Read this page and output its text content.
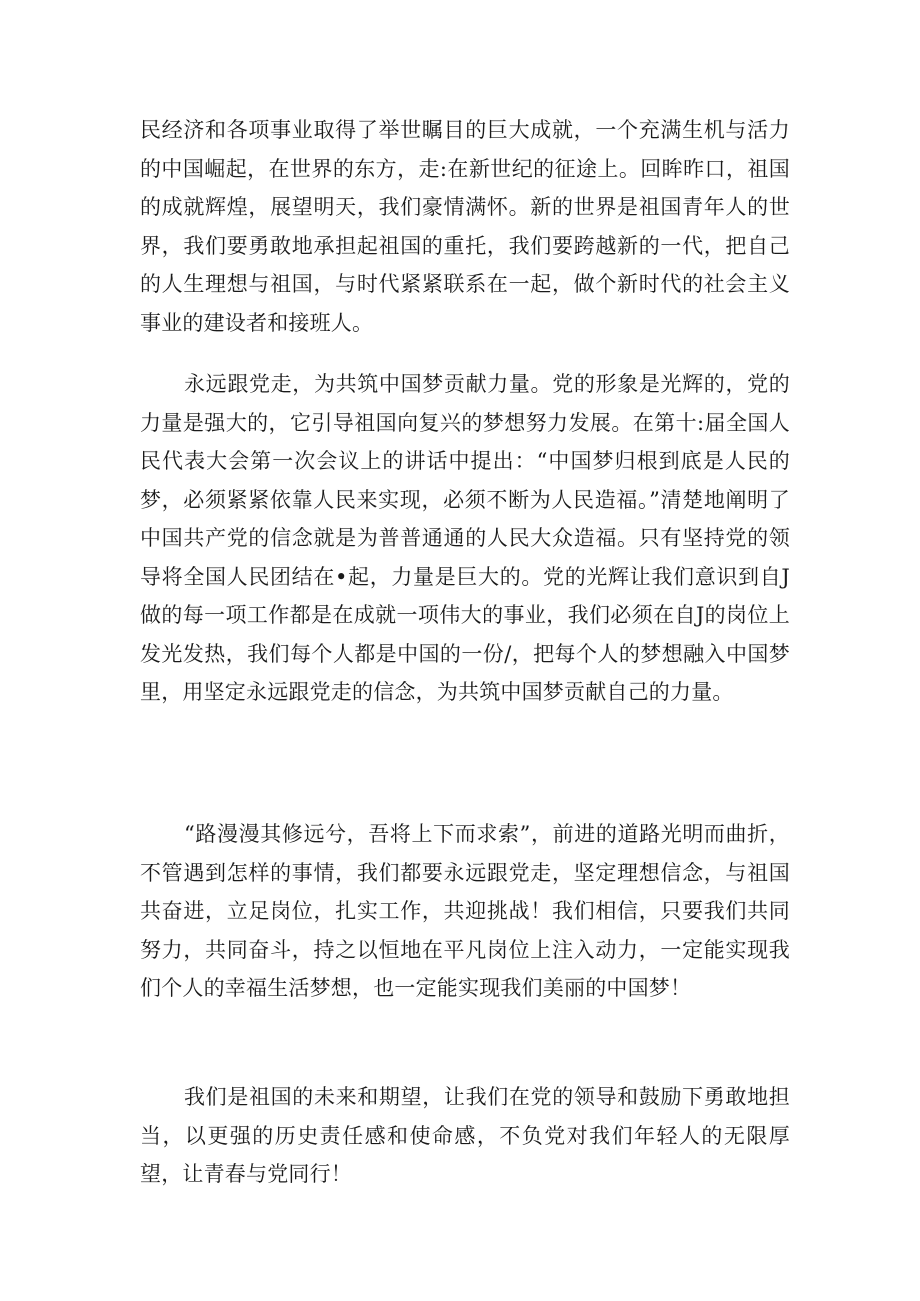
民经济和各项事业取得了举世瞩目的巨大成就，一个充满生机与活力的中国崛起，在世界的东方，走:在新世纪的征途上。回眸昨口，祖国的成就辉煌，展望明天，我们豪情满怀。新的世界是祖国青年人的世界，我们要勇敢地承担起祖国的重托，我们要跨越新的一代，把自己的人生理想与祖国，与时代紧紧联系在一起，做个新时代的社会主义事业的建设者和接班人。

永远跟党走，为共筑中国梦贡献力量。党的形象是光辉的，党的力量是强大的，它引导祖国向复兴的梦想努力发展。在第十:届全国人民代表大会第一次会议上的讲话中提出：“中国梦归根到底是人民的梦，必须紧紧依靠人民来实现，必须不断为人民造福。”清楚地阐明了中国共产党的信念就是为普普通通的人民大众造福。只有坚持党的领导将全国人民团结在•起，力量是巨大的。党的光辉让我们意识到自J做的每一项工作都是在成就一项伟大的事业，我们必须在自J的岗位上发光发热，我们每个人都是中国的一份/，把每个人的梦想融入中国梦里，用坚定永远跟党走的信念，为共筑中国梦贡献自己的力量。

“路漫漫其修远兮，吾将上下而求索”，前进的道路光明而曲折，不管遇到怎样的事情，我们都要永远跟党走，坚定理想信念，与祖国共奋进，立足岗位，扎实工作，共迎挑战！我们相信，只要我们共同努力，共同奋斗，持之以恒地在平凡岗位上注入动力，一定能实现我们个人的幸福生活梦想，也一定能实现我们美丽的中国梦！

我们是祖国的未来和期望，让我们在党的领导和鼓励下勇敢地担当，以更强的历史责任感和使命感，不负党对我们年轻人的无限厚望，让青春与党同行！
